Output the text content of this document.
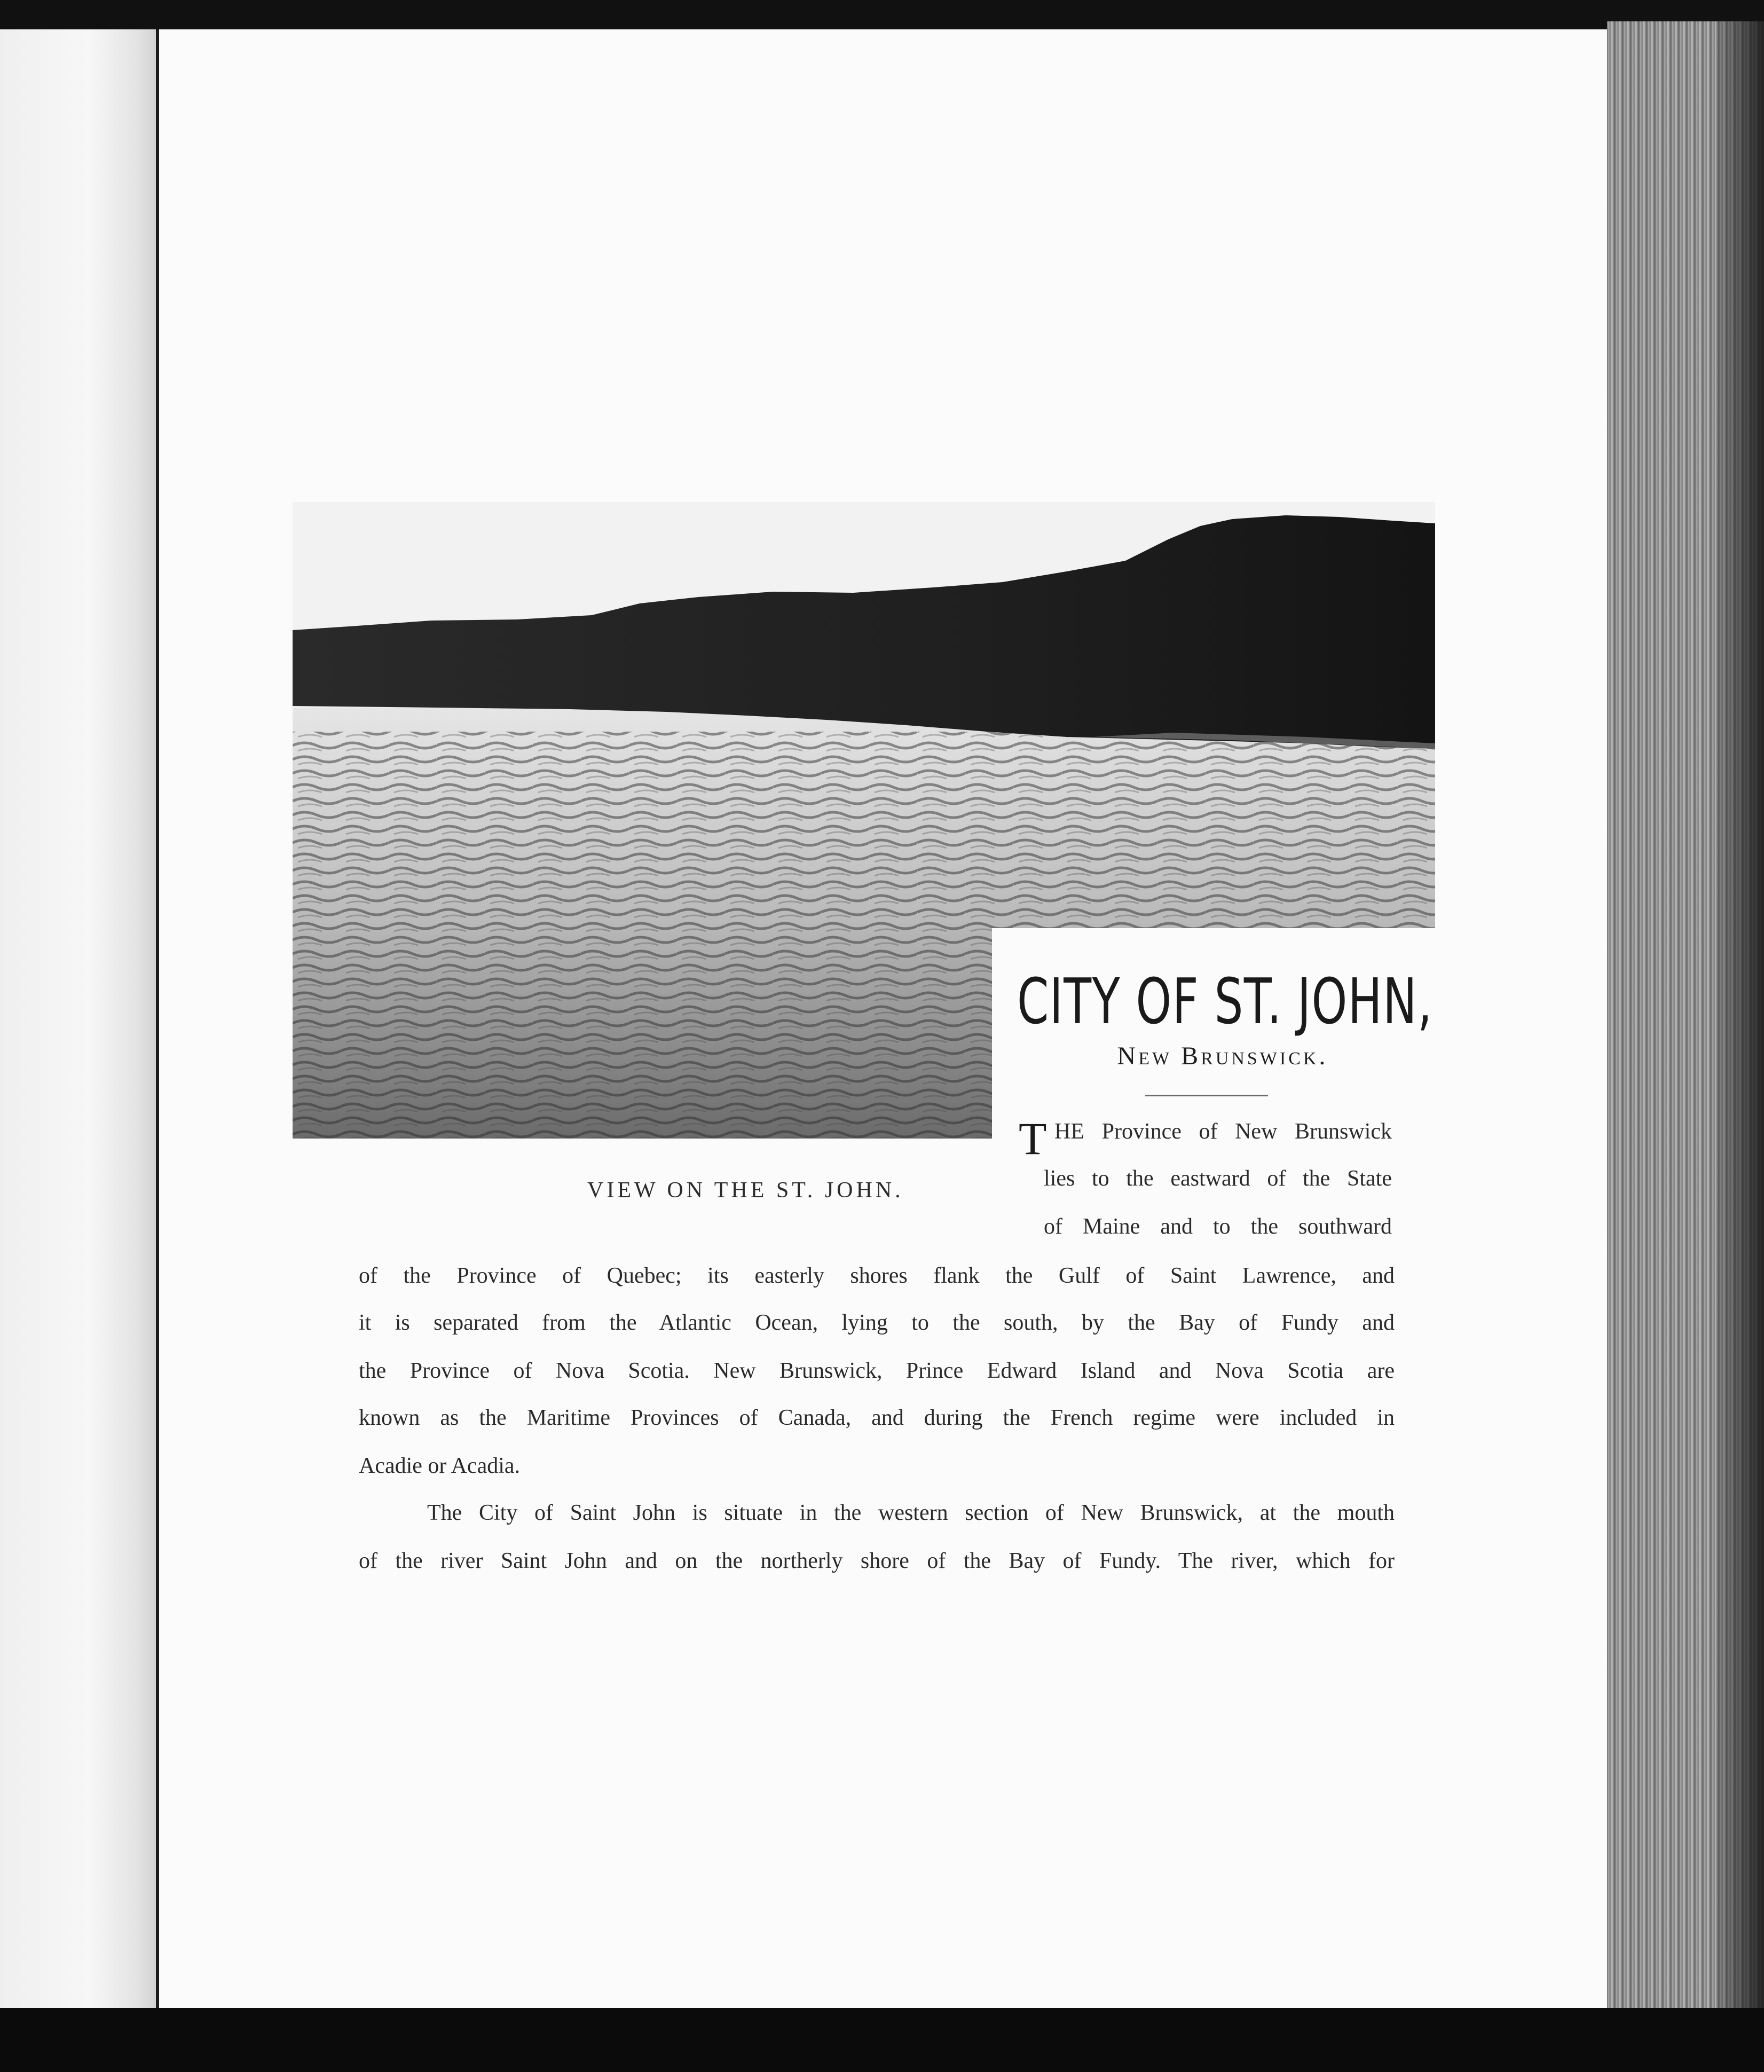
CITY OF ST. JOHN,
New Brunswick.
VIEW ON THE ST. JOHN.
T HE Province of New Brunswick
lies to the eastward of the State
of Maine and to the southward
of the Province of Quebec; its easterly shores flank the Gulf of Saint Lawrence, and
it is separated from the Atlantic Ocean, lying to the south, by the Bay of Fundy and
the Province of Nova Scotia. New Brunswick, Prince Edward Island and Nova Scotia are
known as the Maritime Provinces of Canada, and during the French regime were included in
Acadie or Acadia.
The City of Saint John is situate in the western section of New Brunswick, at the mouth
of the river Saint John and on the northerly shore of the Bay of Fundy. The river, which for
